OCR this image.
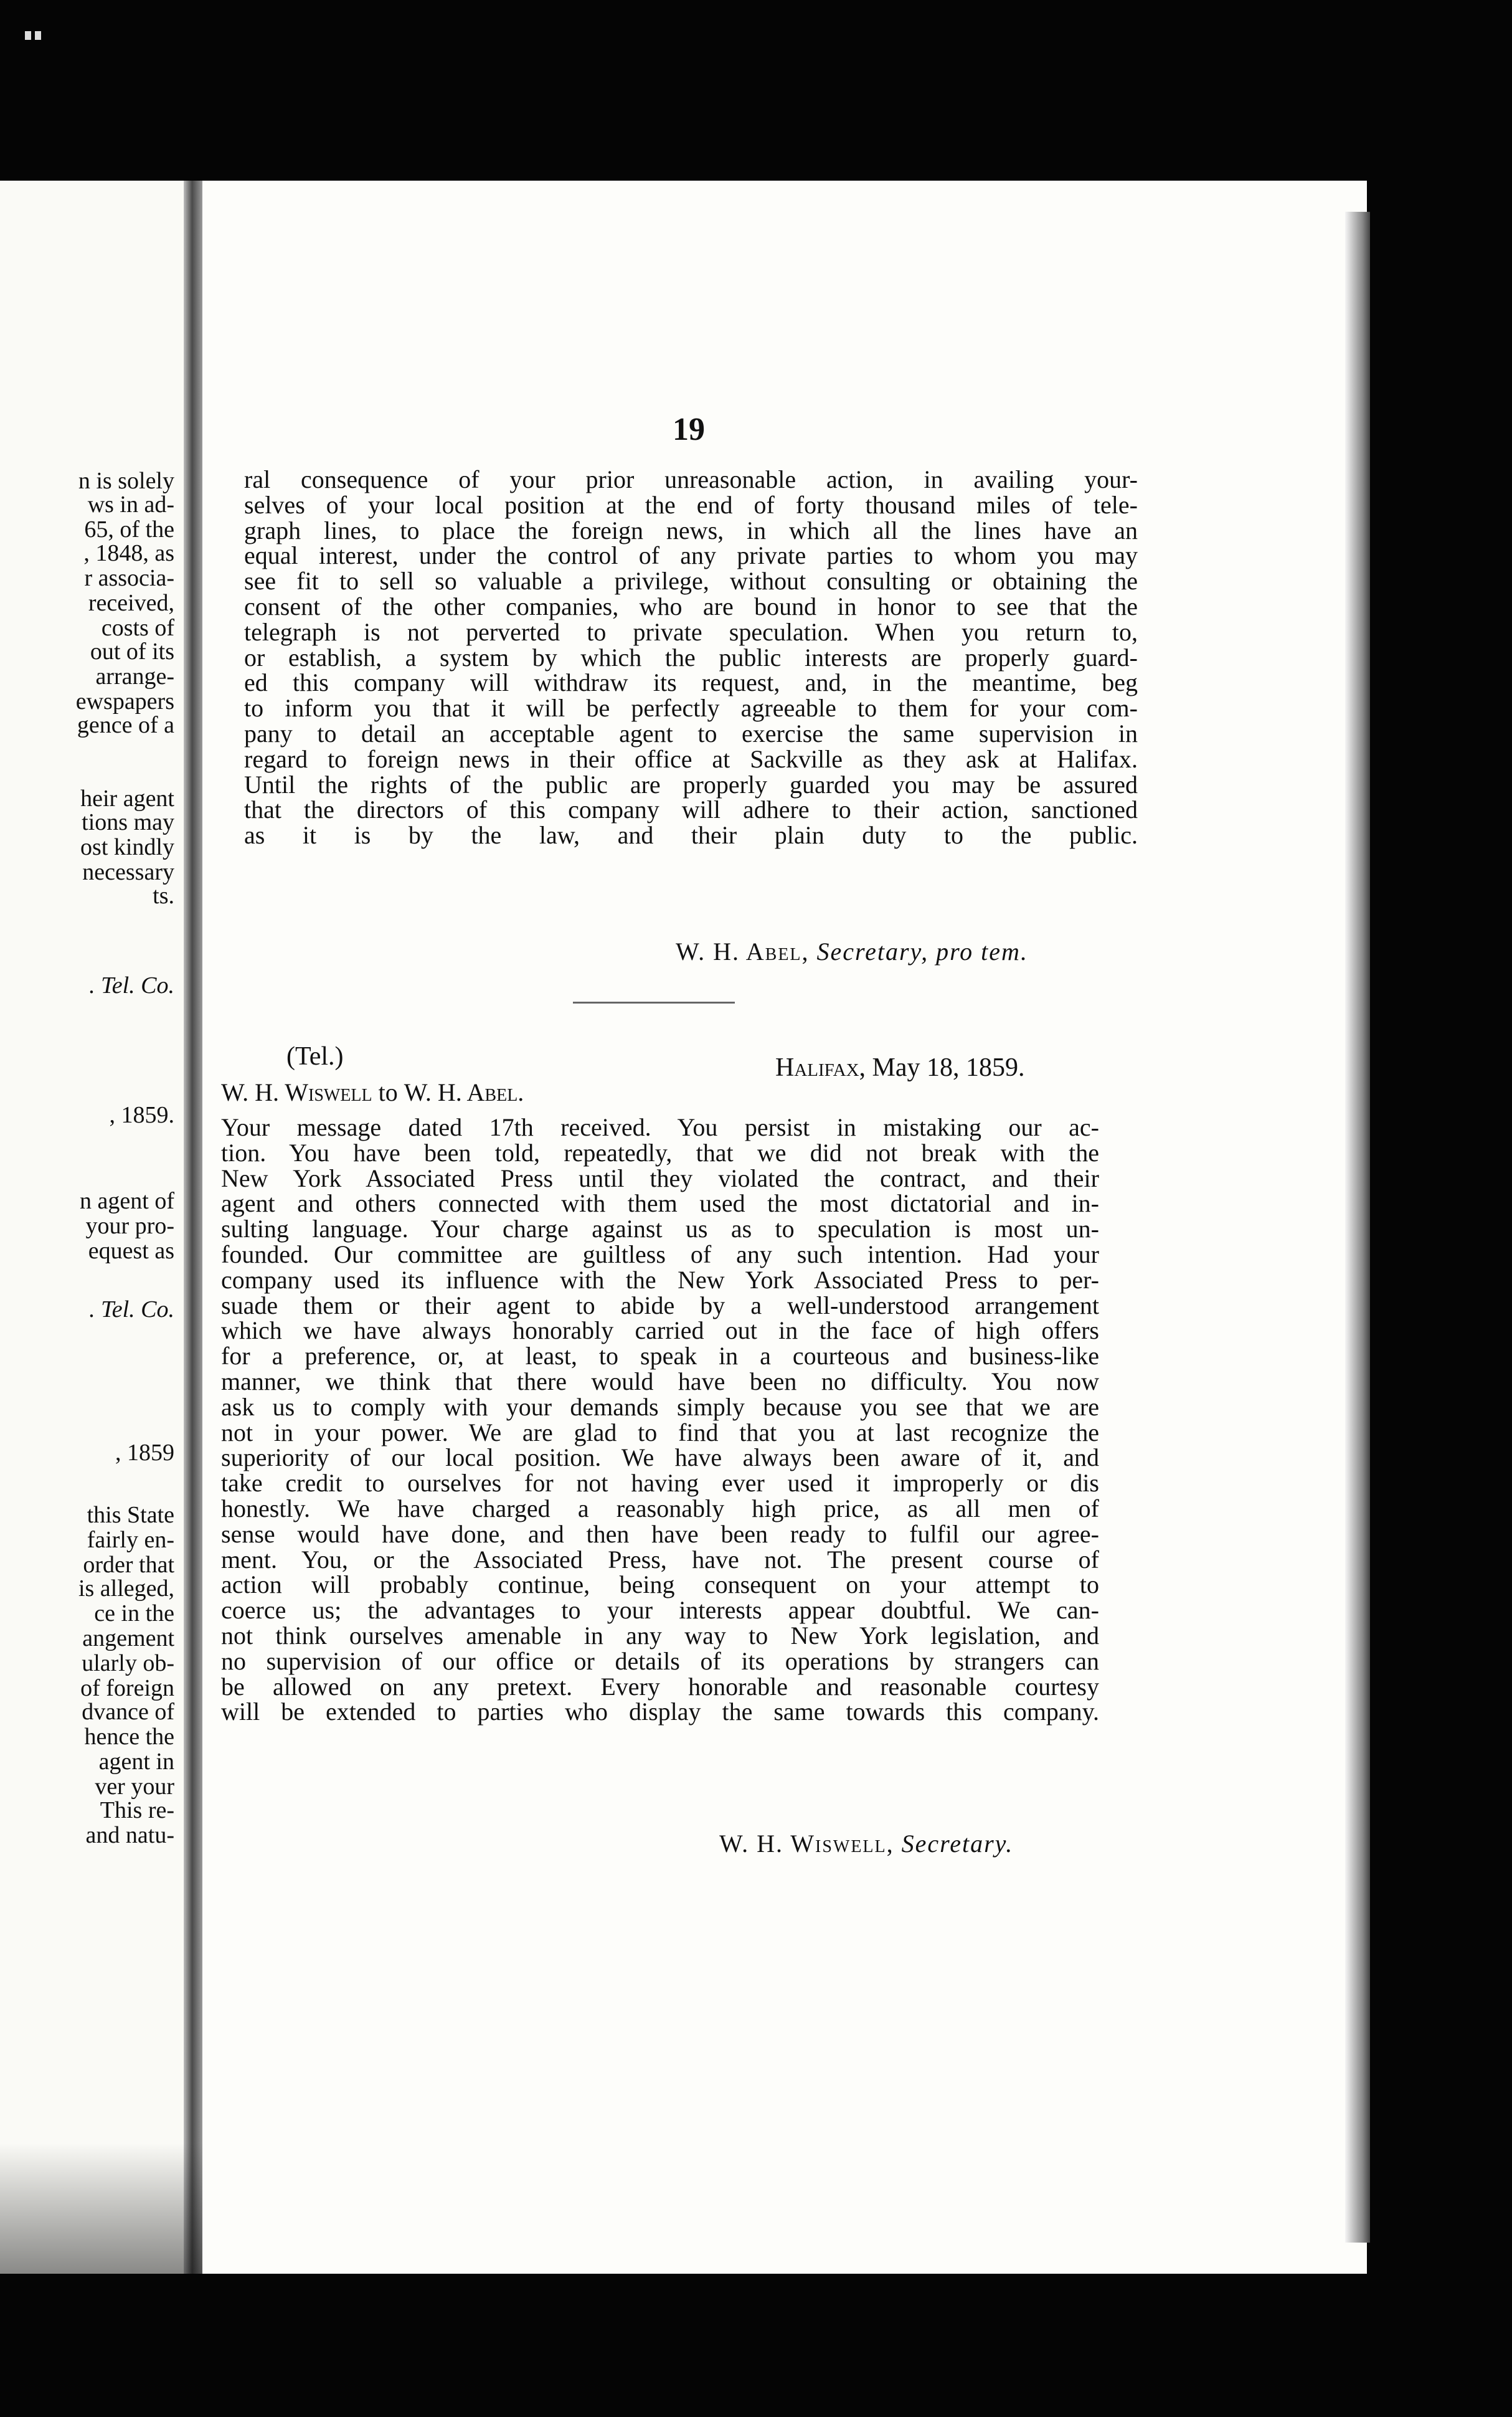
n is solely
ws in ad-
65, of the
, 1848, as
r associa-
received,
costs of
out of its
arrange-
ewspapers
gence of a
heir agent
tions may
ost kindly
necessary
ts.
. Tel. Co.
, 1859.
n agent of
your pro-
equest as
. Tel. Co.
, 1859
this State
fairly en-
order that
is alleged,
ce in the
angement
ularly ob-
of foreign
dvance of
hence the
agent in
ver your
This re-
and natu-
19
ral consequence of your prior unreasonable action, in availing your-
selves of your local position at the end of forty thousand miles of tele-
graph lines, to place the foreign news, in which all the lines have an
equal interest, under the control of any private parties to whom you may
see fit to sell so valuable a privilege, without consulting or obtaining the
consent of the other companies, who are bound in honor to see that the
telegraph is not perverted to private speculation. When you return to,
or establish, a system by which the public interests are properly guard-
ed this company will withdraw its request, and, in the meantime, beg
to inform you that it will be perfectly agreeable to them for your com-
pany to detail an acceptable agent to exercise the same supervision in
regard to foreign news in their office at Sackville as they ask at Halifax.
Until the rights of the public are properly guarded you may be assured
that the directors of this company will adhere to their action, sanctioned
as it is by the law, and their plain duty to the public.
W. H. Abel, Secretary, pro tem.
(Tel.)	Halifax, May 18, 1859.
W. H. Wiswell to W. H. Abel.
Your message dated 17th received. You persist in mistaking our ac-
tion. You have been told, repeatedly, that we did not break with the
New York Associated Press until they violated the contract, and their
agent and others connected with them used the most dictatorial and in-
sulting language. Your charge against us as to speculation is most un-
founded. Our committee are guiltless of any such intention. Had your
company used its influence with the New York Associated Press to per-
suade them or their agent to abide by a well-understood arrangement
which we have always honorably carried out in the face of high offers
for a preference, or, at least, to speak in a courteous and business-like
manner, we think that there would have been no difficulty. You now
ask us to comply with your demands simply because you see that we are
not in your power. We are glad to find that you at last recognize the
superiority of our local position. We have always been aware of it, and
take credit to ourselves for not having ever used it improperly or dis
honestly. We have charged a reasonably high price, as all men of
sense would have done, and then have been ready to fulfil our agree-
ment. You, or the Associated Press, have not. The present course of
action will probably continue, being consequent on your attempt to
coerce us; the advantages to your interests appear doubtful. We can-
not think ourselves amenable in any way to New York legislation, and
no supervision of our office or details of its operations by strangers can
be allowed on any pretext. Every honorable and reasonable courtesy
will be extended to parties who display the same towards this company.
W. H. Wiswell, Secretary.
